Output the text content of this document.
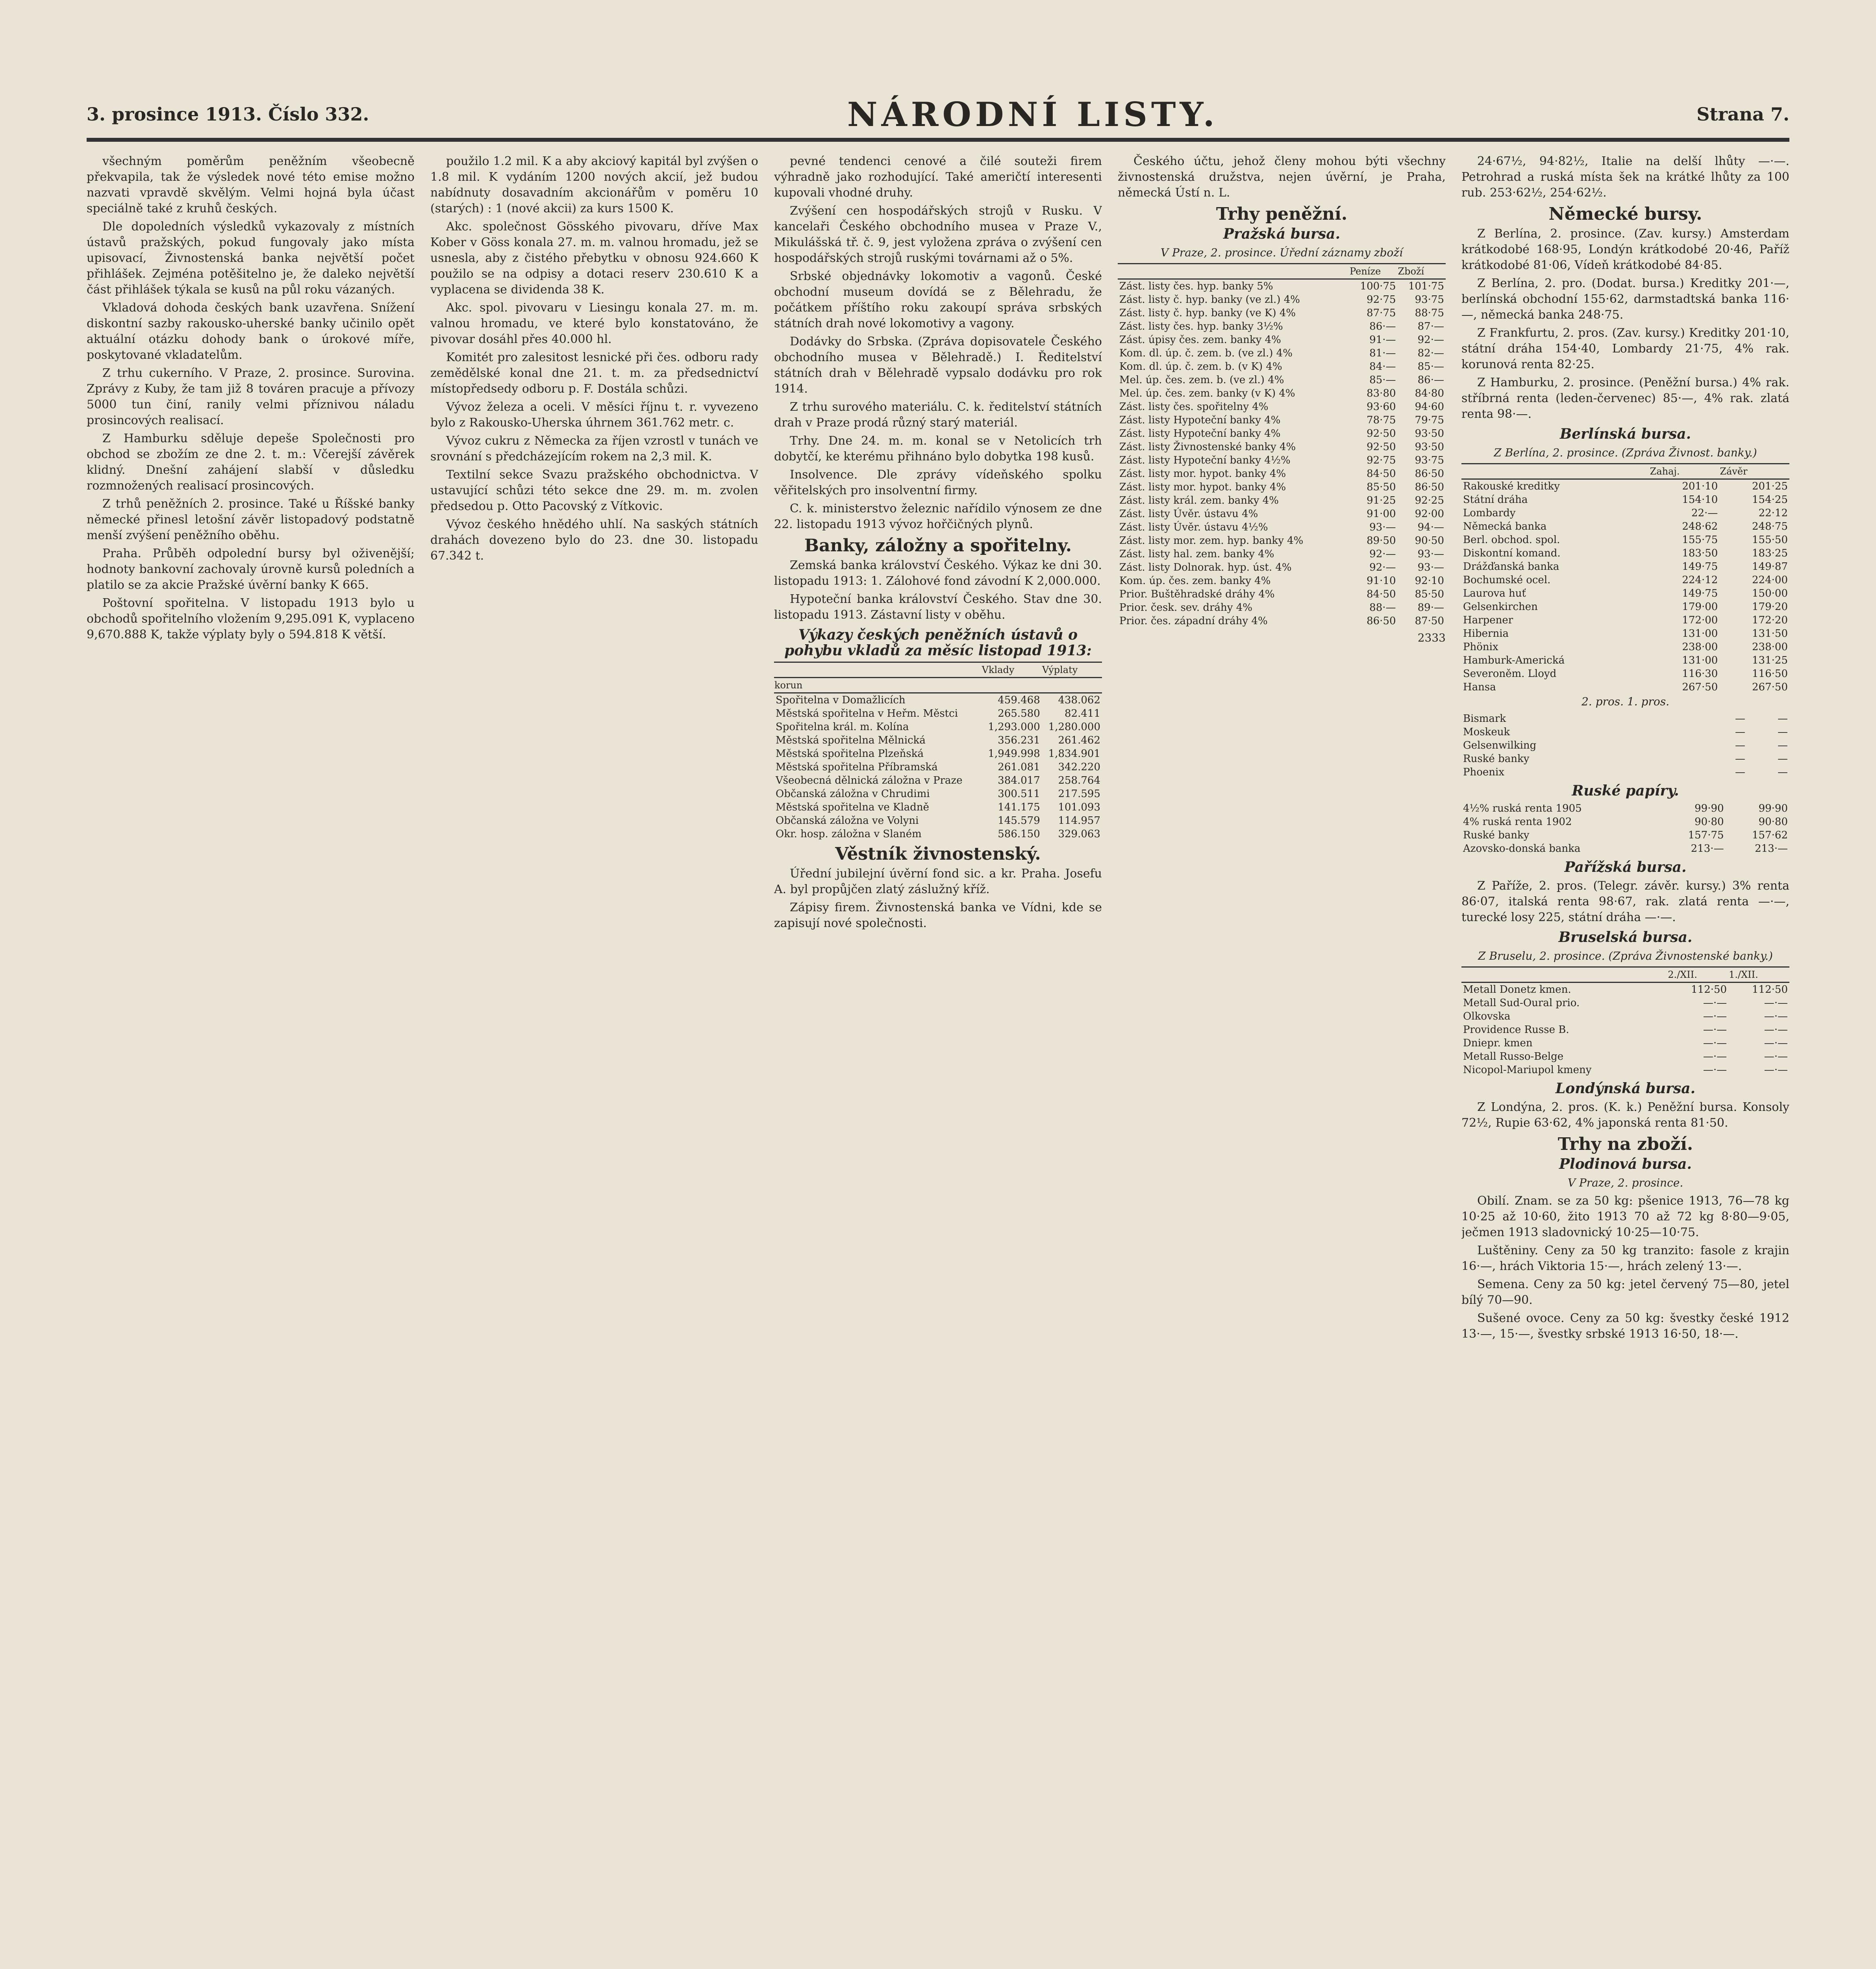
3. prosince 1913. Číslo 332.	NÁRODNÍ LISTY.	Strana 7.

všechným poměrům peněžním všeobecně překvapila, tak že výsledek nové této emise možno nazvati vpravdě skvělým. Velmi hojná byla účast speciálně také z kruhů českých.

Dle dopoledních výsledků vykazovaly z místních ústavů pražských, pokud fungovaly jako místa upisovací, Živnostenská banka největší počet přihlášek. Zejména potěšitelno je, že daleko největší část přihlášek týkala se kusů na půl roku vázaných.

Vkladová dohoda českých bank uzavřena. Snížení diskontní sazby rakousko-uherské banky učinilo opět aktuální otázku dohody bank o úrokové míře, poskytované vkladatelům.

Z trhu cukerního. V Praze, 2. prosince. Surovina. Zprávy z Kuby, že tam již 8 továren pracuje a přívozy 5000 tun činí, ranily velmi příznivou náladu prosincových realisací.

Z Hamburku sděluje depeše Společnosti pro obchod se zbožím ze dne 2. t. m.: Včerejší závěrek klidný. Dnešní zahájení slabší v důsledku rozmnožených realisací prosincových.

Z trhů peněžních 2. prosince. Také u Říšské banky německé přinesl letošní závěr listopadový podstatně menší zvýšení peněžního oběhu.

Praha. Průběh odpolední bursy byl oživenější; hodnoty bankovní zachovaly úrovně kursů poledních a platilo se za akcie Pražské úvěrní banky K 665.

Poštovní spořitelna. V listopadu 1913 bylo u obchodů spořitelního vložením 9,295.091 K, vyplaceno 9,670.888 K, takže výplaty byly o 594.818 K větší.

použilo 1.2 mil. K a aby akciový kapitál byl zvýšen o 1.8 mil. K vydáním 1200 nových akcií, jež budou nabídnuty dosavadním akcionářům v poměru 10 (starých) : 1 (nové akcii) za kurs 1500 K.

Akc. společnost Gösského pivovaru, dříve Max Kober v Göss konala 27. m. m. valnou hromadu, jež se usnesla, aby z čistého přebytku v obnosu 924.660 K použilo se na odpisy a dotaci reserv 230.610 K a vyplacena se dividenda 38 K.

Akc. spol. pivovaru v Liesingu konala 27. m. m. valnou hromadu, ve které bylo konstatováno, že pivovar dosáhl přes 40.000 hl.

Komitét pro zalesitost lesnické při čes. odboru rady zemědělské konal dne 21. t. m. za předsednictví místopředsedy odboru p. F. Dostála schůzi.

Vývoz železa a oceli. V měsíci říjnu t. r. vyvezeno bylo z Rakousko-Uherska úhrnem 361.762 metr. c.

Vývoz cukru z Německa za říjen vzrostl v tunách ve srovnání s předcházejícím rokem na 2,3 mil. K.

Textilní sekce Svazu pražského obchodnictva. V ustavující schůzi této sekce dne 29. m. m. zvolen předsedou p. Otto Pacovský z Vítkovic.

Vývoz českého hnědého uhlí. Na saských státních drahách dovezeno bylo do 23. dne 30. listopadu 67.342 t.

pevné tendenci cenové a čilé souteži firem výhradně jako rozhodující. Také američtí interesenti kupovali vhodné druhy.

Zvýšení cen hospodářských strojů v Rusku. V kancelaři Českého obchodního musea v Praze V., Mikulášská tř. č. 9, jest vyložena zpráva o zvýšení cen hospodářských strojů ruskými továrnami až o 5%.

Srbské objednávky lokomotiv a vagonů. České obchodní museum dovídá se z Bělehradu, že počátkem příštího roku zakoupí správa srbských státních drah nové lokomotivy a vagony.

Dodávky do Srbska. (Zpráva dopisovatele Českého obchodního musea v Bělehradě.) I. Ředitelství státních drah v Bělehradě vypsalo dodávku pro rok 1914.

Z trhu surového materiálu. C. k. ředitelství státních drah v Praze prodá různý starý materiál.

Trhy. Dne 24. m. m. konal se v Netolicích trh dobytčí, ke kterému přihnáno bylo dobytka 198 kusů.

Insolvence. Dle zprávy vídeňského spolku věřitelských pro insolventní firmy.

C. k. ministerstvo železnic nařídilo výnosem ze dne 22. listopadu 1913 vývoz hořčičných plynů.

Banky, záložny a spořitelny.

Zemská banka království Českého. Výkaz ke dni 30. listopadu 1913: 1. Zálohové fond závodní K 2,000.000.

Hypoteční banka království Českého. Stav dne 30. listopadu 1913. Zástavní listy v oběhu.

Výkazy českých peněžních ústavů o pohybu vkladů za měsíc listopad 1913:
	Vklady	Výplaty
korun		
Spořitelna v Domažlicích	459.468	438.062
Městská spořitelna v Heřm. Městci	265.580	82.411
Spořitelna král. m. Kolína	1,293.000	1,280.000
Městská spořitelna Mělnická	356.231	261.462
Městská spořitelna Plzeňská	1,949.998	1,834.901
Městská spořitelna Příbramská	261.081	342.220
Všeobecná dělnická záložna v Praze	384.017	258.764
Občanská záložna v Chrudimi	300.511	217.595
Městská spořitelna ve Kladně	141.175	101.093
Občanská záložna ve Volyni	145.579	114.957
Okr. hosp. záložna v Slaném	586.150	329.063
Věstník živnostenský.

Úřední jubilejní úvěrní fond sic. a kr. Praha. Josefu A. byl propůjčen zlatý záslužný kříž.

Zápisy firem. Živnostenská banka ve Vídni, kde se zapisují nové společnosti.

Českého účtu, jehož členy mohou býti všechny živnostenská družstva, nejen úvěrní, je Praha, německá Ústí n. L.

Trhy peněžní.
Pražská bursa.
V Praze, 2. prosince. Úřední záznamy zboží
	Peníze	Zboží
Zást. listy čes. hyp. banky 5%	100·75	101·75
Zást. listy č. hyp. banky (ve zl.) 4%	92·75	93·75
Zást. listy č. hyp. banky (ve K) 4%	87·75	88·75
Zást. listy čes. hyp. banky 3½%	86·—	87·—
Zást. úpisy čes. zem. banky 4%	91·—	92·—
Kom. dl. úp. č. zem. b. (ve zl.) 4%	81·—	82·—
Kom. dl. úp. č. zem. b. (v K) 4%	84·—	85·—
Mel. úp. čes. zem. b. (ve zl.) 4%	85·—	86·—
Mel. úp. čes. zem. banky (v K) 4%	83·80	84·80
Zást. listy čes. spořitelny 4%	93·60	94·60
Zást. listy Hypoteční banky 4%	78·75	79·75
Zást. listy Hypoteční banky 4%	92·50	93·50
Zást. listy Živnostenské banky 4%	92·50	93·50
Zást. listy Hypoteční banky 4½%	92·75	93·75
Zást. listy mor. hypot. banky 4%	84·50	86·50
Zást. listy mor. hypot. banky 4%	85·50	86·50
Zást. listy král. zem. banky 4%	91·25	92·25
Zást. listy Úvěr. ústavu 4%	91·00	92·00
Zást. listy Úvěr. ústavu 4½%	93·—	94·—
Zást. listy mor. zem. hyp. banky 4%	89·50	90·50
Zást. listy hal. zem. banky 4%	92·—	93·—
Zást. listy Dolnorak. hyp. úst. 4%	92·—	93·—
Kom. úp. čes. zem. banky 4%	91·10	92·10
Prior. Buštěhradské dráhy 4%	84·50	85·50
Prior. česk. sev. dráhy 4%	88·—	89·—
Prior. čes. západní dráhy 4%	86·50	87·50
2333

24·67½, 94·82½, Italie na delší lhůty —·—. Petrohrad a ruská místa šek na krátké lhůty za 100 rub. 253·62½, 254·62½.

Německé bursy.

Z Berlína, 2. prosince. (Zav. kursy.) Amsterdam krátkodobé 168·95, Londýn krátkodobé 20·46, Paříž krátkodobé 81·06, Vídeň krátkodobé 84·85.

Z Berlína, 2. pro. (Dodat. bursa.) Kreditky 201·—, berlínská obchodní 155·62, darmstadtská banka 116·—, německá banka 248·75.

Z Frankfurtu, 2. pros. (Zav. kursy.) Kreditky 201·10, státní dráha 154·40, Lombardy 21·75, 4% rak. korunová renta 82·25.

Z Hamburku, 2. prosince. (Peněžní bursa.) 4% rak. stříbrná renta (leden-červenec) 85·—, 4% rak. zlatá renta 98·—.

Berlínská bursa.
Z Berlína, 2. prosince. (Zpráva Živnost. banky.)
	Zahaj.	Závěr
Rakouské kreditky	201·10	201·25
Státní dráha	154·10	154·25
Lombardy	22·—	22·12
Německá banka	248·62	248·75
Berl. obchod. spol.	155·75	155·50
Diskontní komand.	183·50	183·25
Drážďanská banka	149·75	149·87
Bochumské ocel.	224·12	224·00
Laurova huť	149·75	150·00
Gelsenkirchen	179·00	179·20
Harpener	172·00	172·20
Hibernia	131·00	131·50
Phönix	238·00	238·00
Hamburk-Americká	131·00	131·25
Severoněm. Lloyd	116·30	116·50
Hansa	267·50	267·50
2. pros. 1. pros.
Bismark	—	—
Moskeuk	—	—
Gelsenwilking	—	—
Ruské banky	—	—
Phoenix	—	—
Ruské papíry.
4½% ruská renta 1905	99·90	99·90
4% ruská renta 1902	90·80	90·80
Ruské banky	157·75	157·62
Azovsko-donská banka	213·—	213·—
Pařížská bursa.

Z Paříže, 2. pros. (Telegr. závěr. kursy.) 3% renta 86·07, italská renta 98·67, rak. zlatá renta —·—, turecké losy 225, státní dráha —·—.

Bruselská bursa.
Z Bruselu, 2. prosince. (Zpráva Živnostenské banky.)
	2./XII.	1./XII.
Metall Donetz kmen.	112·50	112·50
Metall Sud-Oural prio.	—·—	—·—
Olkovska	—·—	—·—
Providence Russe B.	—·—	—·—
Dniepr. kmen	—·—	—·—
Metall Russo-Belge	—·—	—·—
Nicopol-Mariupol kmeny	—·—	—·—
Londýnská bursa.

Z Londýna, 2. pros. (K. k.) Peněžní bursa. Konsoly 72½, Rupie 63·62, 4% japonská renta 81·50.

Trhy na zboží.
Plodinová bursa.
V Praze, 2. prosince.

Obilí. Znam. se za 50 kg: pšenice 1913, 76—78 kg 10·25 až 10·60, žito 1913 70 až 72 kg 8·80—9·05, ječmen 1913 sladovnický 10·25—10·75.

Luštěniny. Ceny za 50 kg tranzito: fasole z krajin 16·—, hrách Viktoria 15·—, hrách zelený 13·—.

Semena. Ceny za 50 kg: jetel červený 75—80, jetel bílý 70—90.

Sušené ovoce. Ceny za 50 kg: švestky české 1912 13·—, 15·—, švestky srbské 1913 16·50, 18·—.
